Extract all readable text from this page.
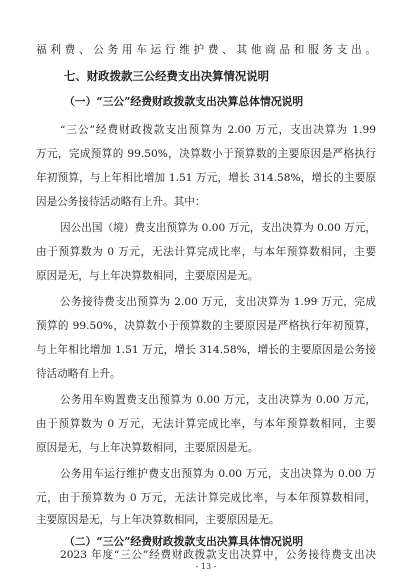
福利费、公务用车运行维护费、其他商品和服务支出。
七、财政拨款三公经费支出决算情况说明
（一）“三公”经费财政拨款支出决算总体情况说明
“三公”经费财政拨款支出预算为 2.00 万元，支出决算为 1.99
万元，完成预算的 99.50%，决算数小于预算数的主要原因是严格执行
年初预算，与上年相比增加 1.51 万元，增长 314.58%，增长的主要原
因是公务接待活动略有上升。其中：
因公出国（境）费支出预算为 0.00 万元，支出决算为 0.00 万元，
由于预算数为 0 万元，无法计算完成比率，与本年预算数相同，主要
原因是无，与上年决算数相同，主要原因是无。
公务接待费支出预算为 2.00 万元，支出决算为 1.99 万元，完成
预算的 99.50%，决算数小于预算数的主要原因是严格执行年初预算，
与上年相比增加 1.51 万元，增长 314.58%，增长的主要原因是公务接
待活动略有上升。
公务用车购置费支出预算为 0.00 万元，支出决算为 0.00 万元，
由于预算数为 0 万元，无法计算完成比率，与本年预算数相同，主要
原因是无，与上年决算数相同，主要原因是无。
公务用车运行维护费支出预算为 0.00 万元，支出决算为 0.00 万
元，由于预算数为 0 万元，无法计算完成比率，与本年预算数相同，
主要原因是无，与上年决算数相同，主要原因是无。
- 13 -
（二）“三公”经费财政拨款支出决算具体情况说明
2023 年度“三公”经费财政拨款支出决算中，公务接待费支出决
